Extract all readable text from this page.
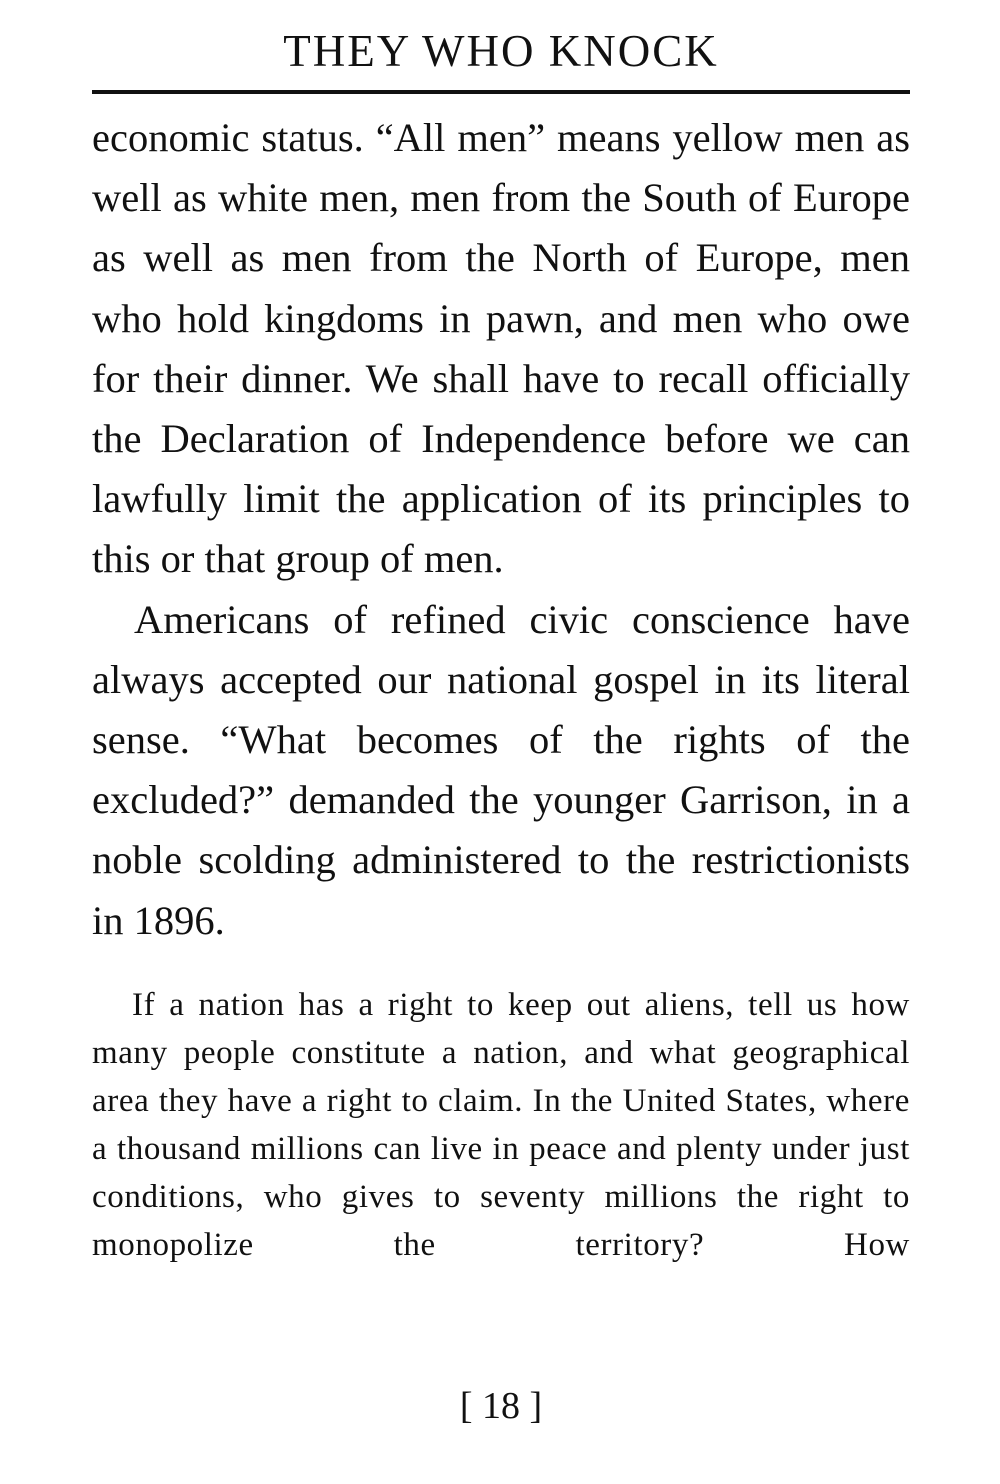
THEY WHO KNOCK

economic status. “All men” means yellow men as well as white men, men from the South of Europe as well as men from the North of Europe, men who hold kingdoms in pawn, and men who owe for their dinner. We shall have to recall officially the Declaration of Independence before we can lawfully limit the application of its principles to this or that group of men.

Americans of refined civic conscience have always accepted our national gospel in its literal sense. “What becomes of the rights of the excluded?” demanded the younger Garrison, in a noble scolding administered to the restrictionists in 1896.

If a nation has a right to keep out aliens, tell us how many people constitute a nation, and what geographical area they have a right to claim. In the United States, where a thousand millions can live in peace and plenty under just conditions, who gives to seventy millions the right to monopolize the territory? How

[ 18 ]
